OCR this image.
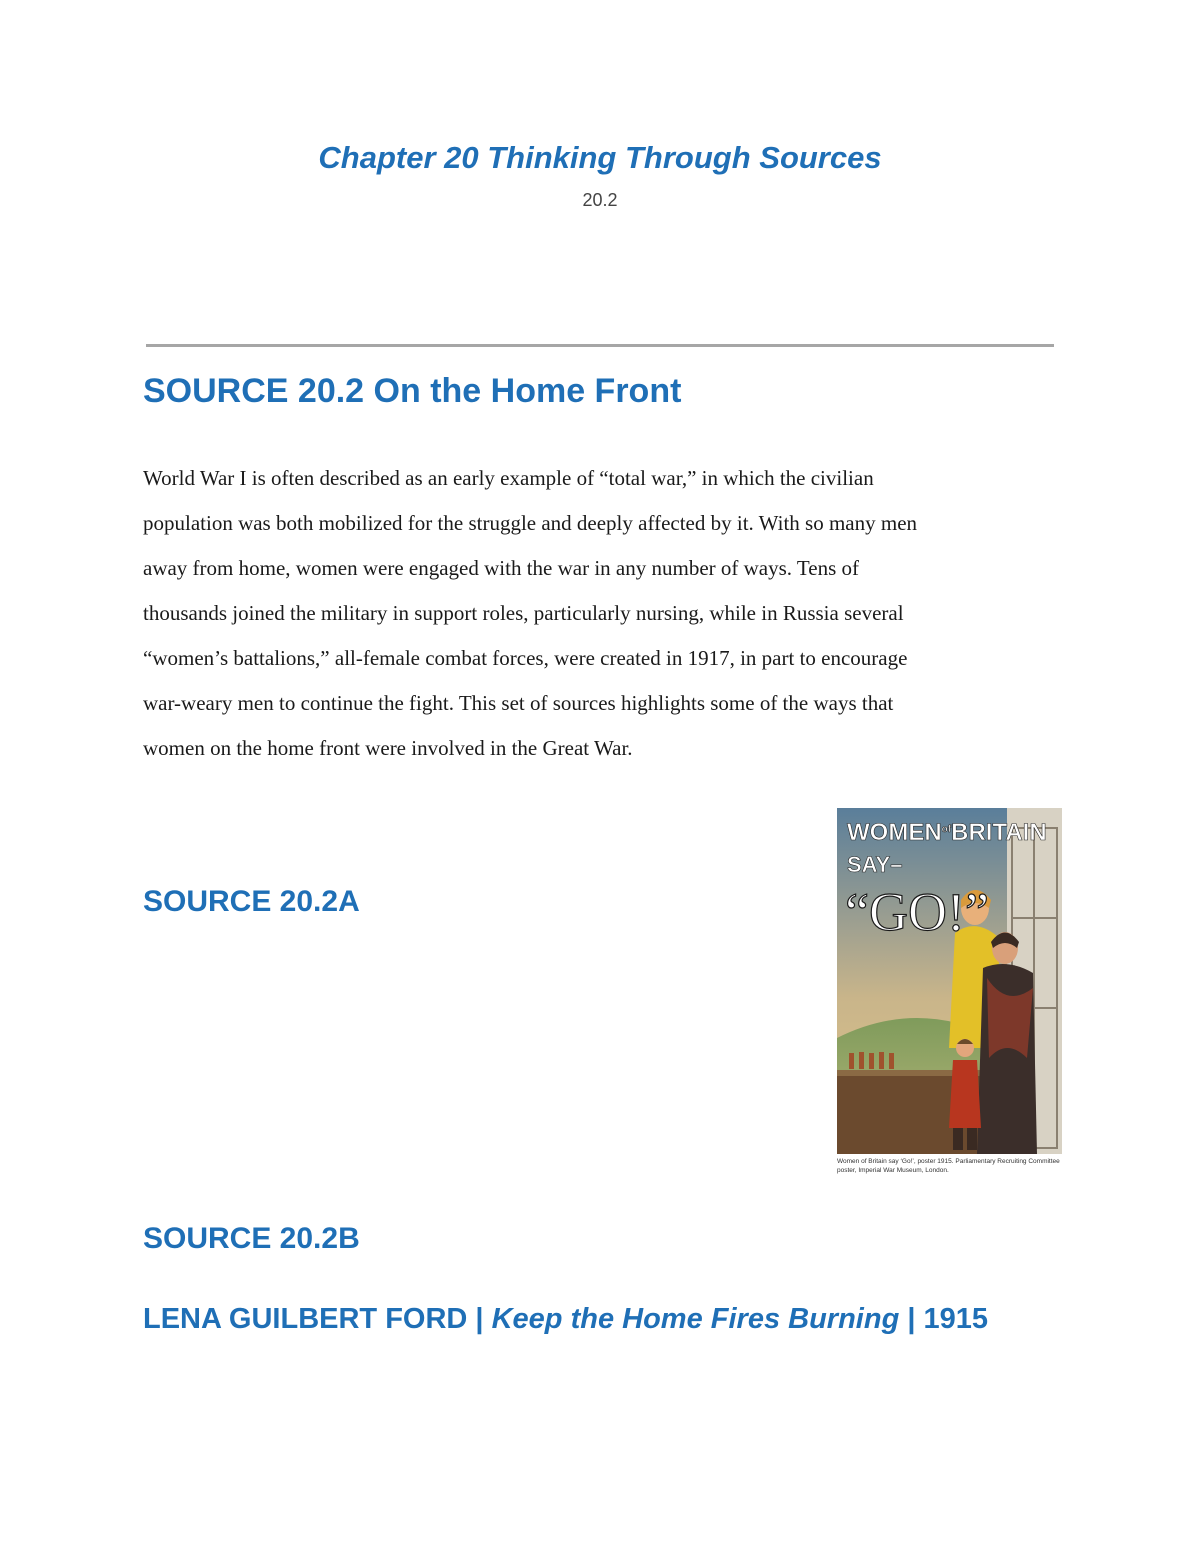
Chapter 20 Thinking Through Sources
20.2
SOURCE 20.2 On the Home Front
World War I is often described as an early example of “total war,” in which the civilian
population was both mobilized for the struggle and deeply affected by it. With so many men
away from home, women were engaged with the war in any number of ways. Tens of
thousands joined the military in support roles, particularly nursing, while in Russia several
“women’s battalions,” all-female combat forces, were created in 1917, in part to encourage
war-weary men to continue the fight. This set of sources highlights some of the ways that
women on the home front were involved in the Great War.
SOURCE 20.2A
$WOMEN^{of}BRITAIN$
SAY–
“GO!”
Women of Britain say ‘Go!’, poster 1915. Parliamentary Recruiting Committee poster, Imperial War Museum, London.
SOURCE 20.2B
LENA GUILBERT FORD | Keep the Home Fires Burning | 1915
